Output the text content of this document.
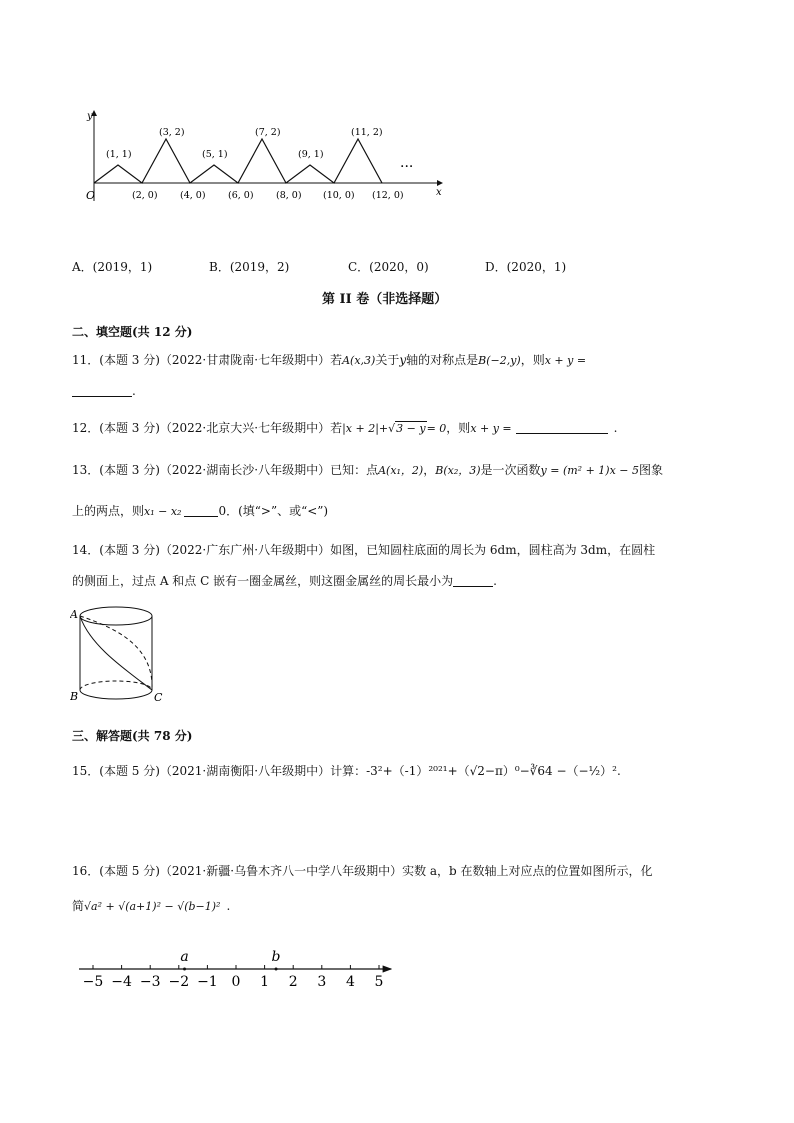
y
x
O
(1, 1)
(3, 2)
(5, 1)
(7, 2)
(9, 1)
(11, 2)
(2, 0) (4, 0) (6, 0) (8, 0) (10, 0) (12, 0)
···
A．(2019，1)	B．(2019，2)	C．(2020，0)	D．(2020，1)
第 II 卷（非选择题）
二、填空题(共 12 分)
11．(本题 3 分)（2022·甘肃陇南·七年级期中）若A(x,3)关于y轴的对称点是B(−2,y)，则x + y =
.
12．(本题 3 分)（2022·北京大兴·七年级期中）若|x + 2|+√3 − y= 0，则x + y =	.
13．(本题 3 分)（2022·湖南长沙·八年级期中）已知：点A(x₁，2)，B(x₂，3)是一次函数y = (m² + 1)x − 5图象
上的两点，则x₁ − x₂	0．(填“>”、或“<”)
14．(本题 3 分)（2022·广东广州·八年级期中）如图，已知圆柱底面的周长为 6dm，圆柱高为 3dm，在圆柱
的侧面上，过点 A 和点 C 嵌有一圈金属丝，则这圈金属丝的周长最小为	.
A
B	C
三、解答题(共 78 分)
15．(本题 5 分)（2021·湖南衡阳·八年级期中）计算：-3²+（-1）²⁰²¹+（√2−π）⁰−∛64 −（−½）².
16．(本题 5 分)（2021·新疆·乌鲁木齐八一中学八年级期中）实数 a，b 在数轴上对应点的位置如图所示，化
简√a² + √(a+1)² − √(b−1)² .
−5 −4 −3 −2 −1 0 1 2 3 4 5
a	b
